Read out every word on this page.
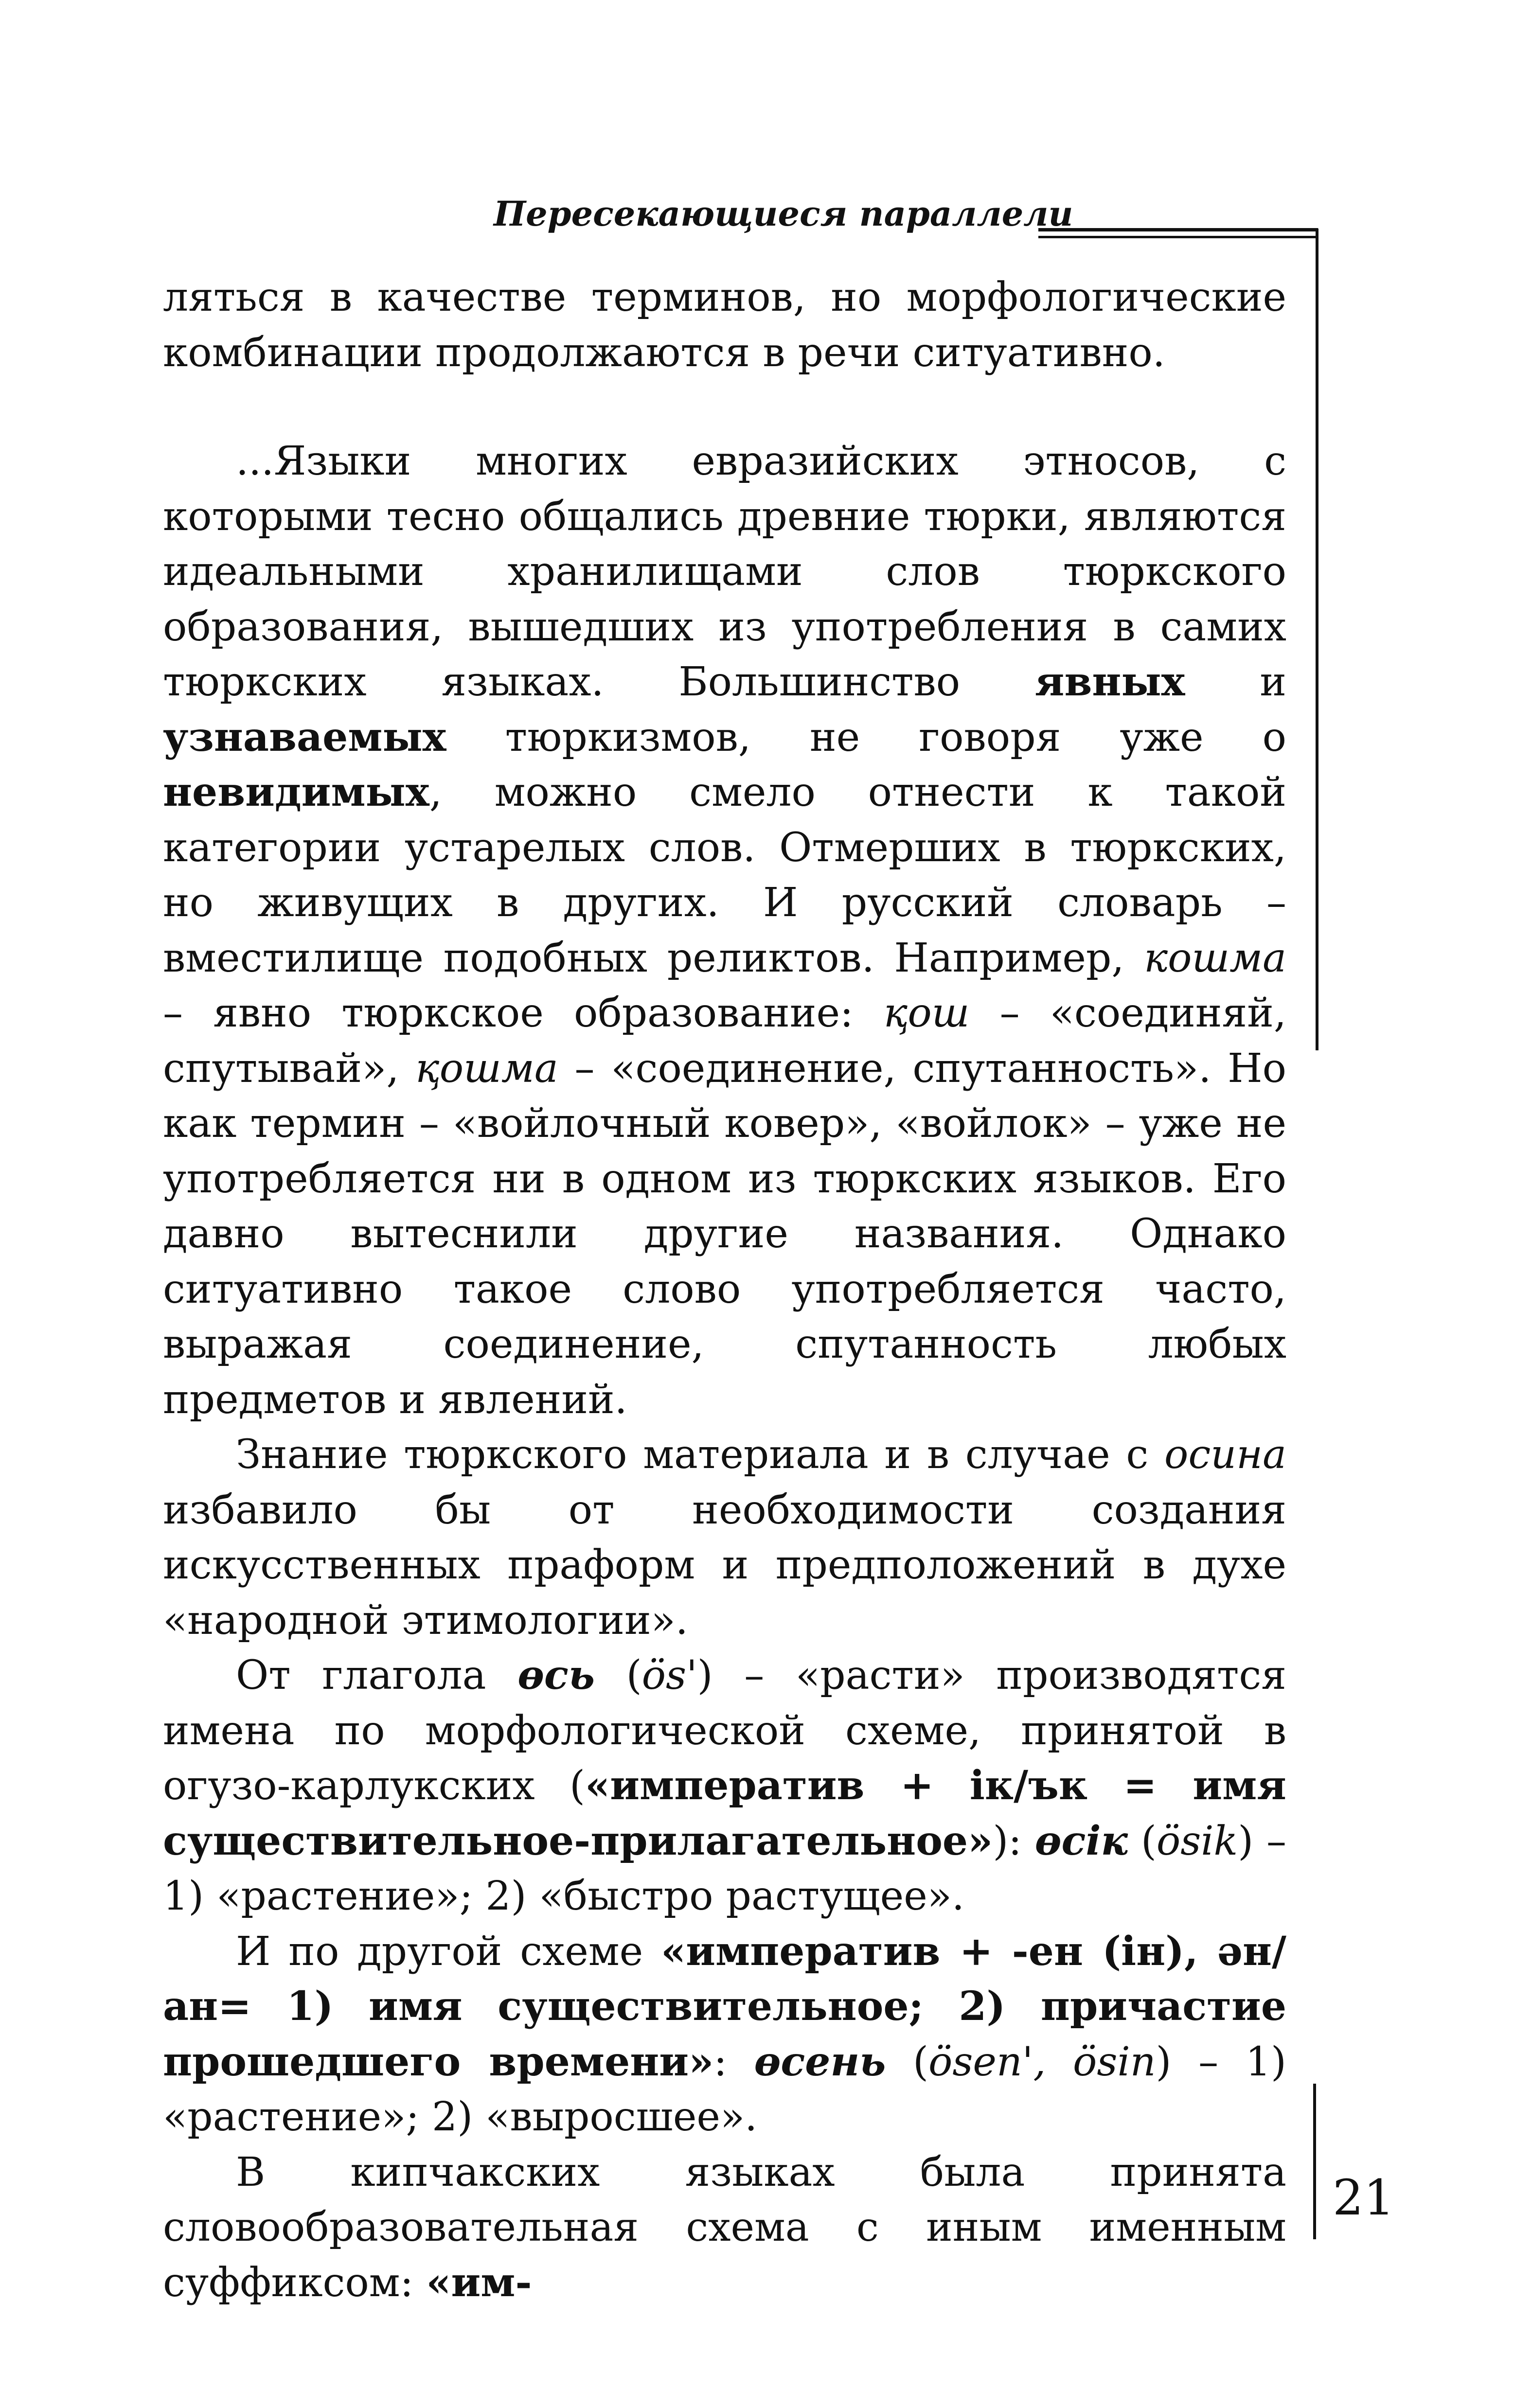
Пересекающиеся параллели
21

ляться в качестве терминов, но морфологические комбинации продолжаются в речи ситуативно.

...Языки многих евразийских этносов, с которыми тесно общались древние тюрки, являются идеальными хранилищами слов тюркского образования, вышедших из употребления в самих тюркских языках. Большинство явных и узнаваемых тюркизмов, не говоря уже о невидимых, можно смело отнести к такой категории устарелых слов. Отмерших в тюркских, но живущих в других. И русский словарь – вместилище подобных реликтов. Например, кошма – явно тюркское образование: қош – «соединяй, спутывай», қошма – «соединение, спутанность». Но как термин – «войлочный ковер», «войлок» – уже не употребляется ни в одном из тюркских языков. Его давно вытеснили другие названия. Однако ситуативно такое слово употребляется часто, выражая соединение, спутанность любых предметов и явлений.

Знание тюркского материала и в случае с осина избавило бы от необходимости создания искусственных праформ и предположений в духе «народной этимологии».

От глагола өсь (ös') – «расти» производятся имена по морфологической схеме, принятой в огузо-карлукских («императив + ік/ък = имя существительное-прилагательное»): өсік (ösik) – 1) «растение»; 2) «быстро растущее».

И по другой схеме «императив + -ен (ін), ән/ан= 1) имя существительное; 2) причастие прошедшего времени»: өсень (ösen', ösin) – 1) «растение»; 2) «выросшее».

В кипчакских языках была принята словообразовательная схема с иным именным суффиксом: «им-
